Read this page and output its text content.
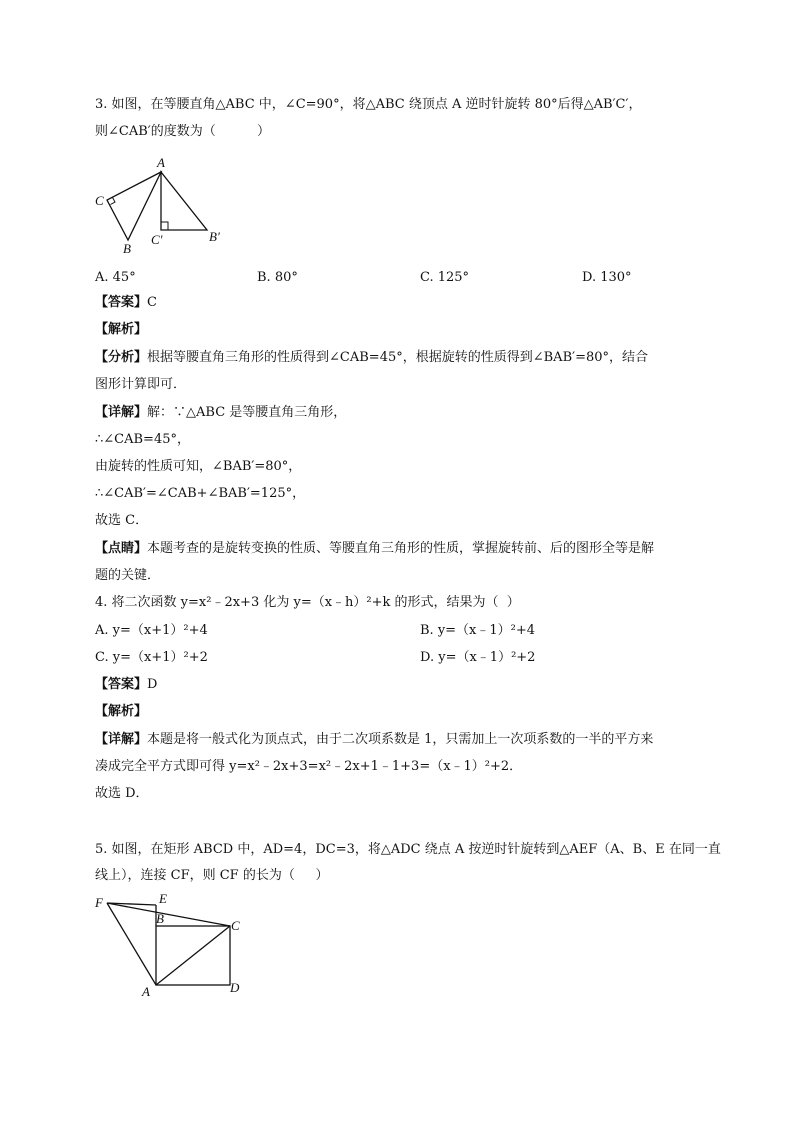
3. 如图，在等腰直角△ABC 中，∠C=90°，将△ABC 绕顶点 A 逆时针旋转 80°后得△AB′C′，
则∠CAB′的度数为（          ）
A
C
B
C′	B′
A. 45°	B. 80°	C. 125°	D. 130°
【答案】C
【解析】
【分析】根据等腰直角三角形的性质得到∠CAB=45°，根据旋转的性质得到∠BAB′=80°，结合
图形计算即可．
【详解】解：∵△ABC 是等腰直角三角形，
∴∠CAB=45°，
由旋转的性质可知，∠BAB′=80°，
∴∠CAB′=∠CAB+∠BAB′=125°，
故选 C．
【点睛】本题考查的是旋转变换的性质、等腰直角三角形的性质，掌握旋转前、后的图形全等是解
题的关键．
4. 将二次函数 y=x²﹣2x+3 化为 y=（x﹣h）²+k 的形式，结果为（  ）
A. y=（x+1）²+4	B. y=（x﹣1）²+4
C. y=（x+1）²+2	D. y=（x﹣1）²+2
【答案】D
【解析】
【详解】本题是将一般式化为顶点式，由于二次项系数是 1，只需加上一次项系数的一半的平方来
凑成完全平方式即可得 y=x²﹣2x+3=x²﹣2x+1﹣1+3=（x﹣1）²+2．
故选 D．
5. 如图，在矩形 ABCD 中，AD=4，DC=3，将△ADC 绕点 A 按逆时针旋转到△AEF（A、B、E 在同一直
线上），连接 CF，则 CF 的长为（     ）
F	E
B	C
A	D
